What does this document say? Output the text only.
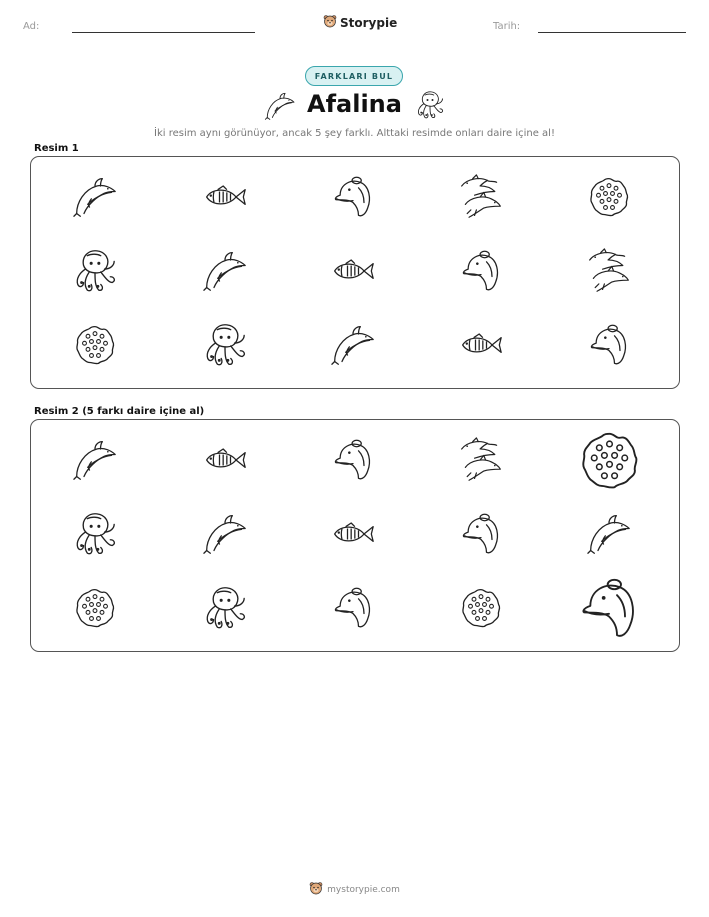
Ad:	Storypie	Tarih:
FARKLARI BUL
Afalina
İki resim aynı görünüyor, ancak 5 şey farklı. Alttaki resimde onları daire içine al!
Resim 1
Resim 2 (5 farkı daire içine al)
mystorypie.com
